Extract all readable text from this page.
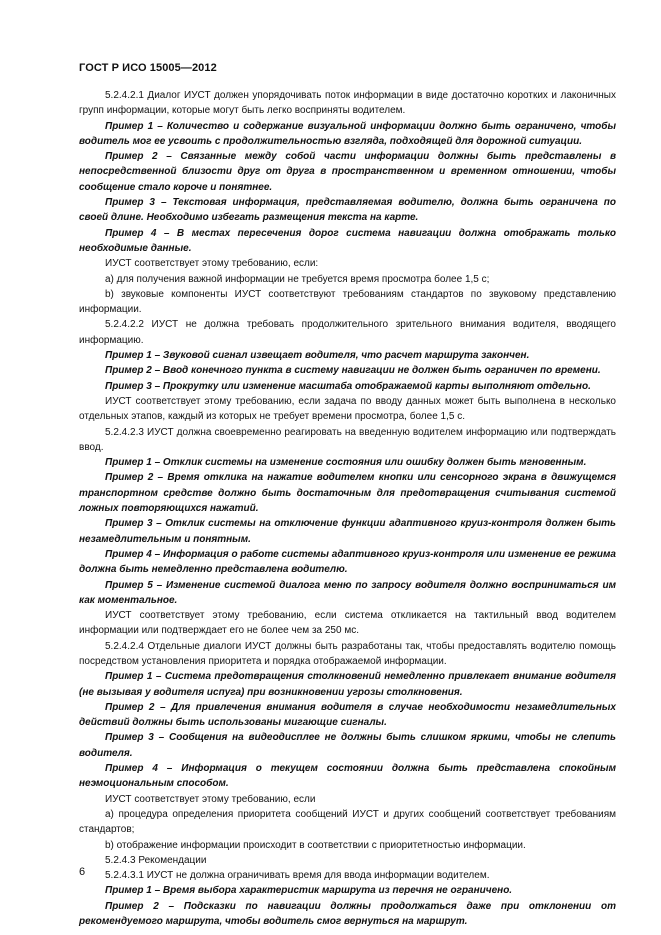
ГОСТ Р ИСО 15005—2012

5.2.4.2.1 Диалог ИУСТ должен упорядочивать поток информации в виде достаточно коротких и лаконичных групп информации, которые могут быть легко восприняты водителем.

Пример 1 – Количество и содержание визуальной информации должно быть ограничено, чтобы водитель мог ее усвоить с продолжительностью взгляда, подходящей для дорожной ситуации.

Пример 2 – Связанные между собой части информации должны быть представлены в непосредственной близости друг от друга в пространственном и временном отношении, чтобы сообщение стало короче и понятнее.

Пример 3 – Текстовая информация, представляемая водителю, должна быть ограничена по своей длине. Необходимо избегать размещения текста на карте.

Пример 4 – В местах пересечения дорог система навигации должна отображать только необходимые данные.

ИУСТ соответствует этому требованию, если:

а) для получения важной информации не требуется время просмотра более 1,5 с;

b) звуковые компоненты ИУСТ соответствуют требованиям стандартов по звуковому представлению информации.

5.2.4.2.2 ИУСТ не должна требовать продолжительного зрительного внимания водителя, вводящего информацию.

Пример 1 – Звуковой сигнал извещает водителя, что расчет маршрута закончен.

Пример 2 – Ввод конечного пункта в систему навигации не должен быть ограничен по времени.

Пример 3 – Прокрутку или изменение масштаба отображаемой карты выполняют отдельно.

ИУСТ соответствует этому требованию, если задача по вводу данных может быть выполнена в несколько отдельных этапов, каждый из которых не требует времени просмотра, более 1,5 с.

5.2.4.2.3 ИУСТ должна своевременно реагировать на введенную водителем информацию или подтверждать ввод.

Пример 1 – Отклик системы на изменение состояния или ошибку должен быть мгновенным.

Пример 2 – Время отклика на нажатие водителем кнопки или сенсорного экрана в движущемся транспортном средстве должно быть достаточным для предотвращения считывания системой ложных повторяющихся нажатий.

Пример 3 – Отклик системы на отключение функции адаптивного круиз-контроля должен быть незамедлительным и понятным.

Пример 4 – Информация о работе системы адаптивного круиз-контроля или изменение ее режима должна быть немедленно представлена водителю.

Пример 5 – Изменение системой диалога меню по запросу водителя должно восприниматься им как моментальное.

ИУСТ соответствует этому требованию, если система откликается на тактильный ввод водителем информации или подтверждает его не более чем за 250 мс.

5.2.4.2.4 Отдельные диалоги ИУСТ должны быть разработаны так, чтобы предоставлять водителю помощь посредством установления приоритета и порядка отображаемой информации.

Пример 1 – Система предотвращения столкновений немедленно привлекает внимание водителя (не вызывая у водителя испуга) при возникновении угрозы столкновения.

Пример 2 – Для привлечения внимания водителя в случае необходимости незамедлительных действий должны быть использованы мигающие сигналы.

Пример 3 – Сообщения на видеодисплее не должны быть слишком яркими, чтобы не слепить водителя.

Пример 4 – Информация о текущем состоянии должна быть представлена спокойным неэмоциональным способом.

ИУСТ соответствует этому требованию, если

а) процедура определения приоритета сообщений ИУСТ и других сообщений соответствует требованиям стандартов;

b) отображение информации происходит в соответствии с приоритетностью информации.

5.2.4.3 Рекомендации

5.2.4.3.1 ИУСТ не должна ограничивать время для ввода информации водителем.

Пример 1 – Время выбора характеристик маршрута из перечня не ограничено.

Пример 2 – Подсказки по навигации должны продолжаться даже при отклонении от рекомендуемого маршрута, чтобы водитель смог вернуться на маршрут.

6
